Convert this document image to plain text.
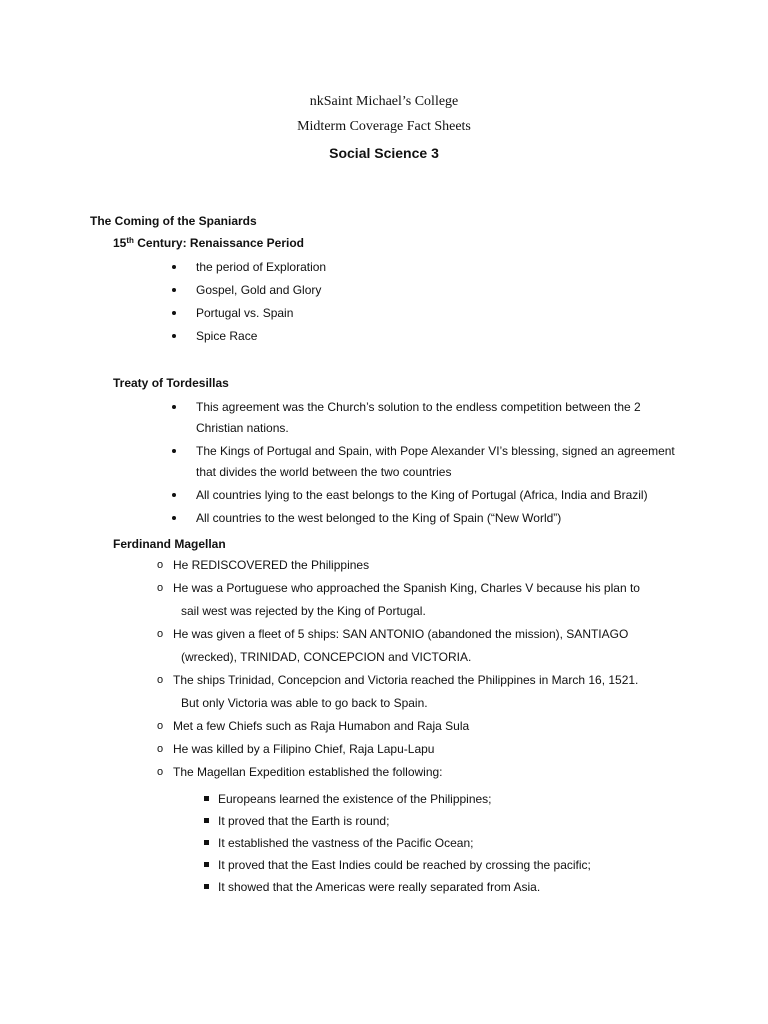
nkSaint Michael’s College
Midterm Coverage Fact Sheets
Social Science 3
The Coming of the Spaniards
15th Century: Renaissance Period
the period of Exploration
Gospel, Gold and Glory
Portugal vs. Spain
Spice Race
Treaty of Tordesillas
This agreement was the Church’s solution to the endless competition between the 2 Christian nations.
The Kings of Portugal and Spain, with Pope Alexander VI’s blessing, signed an agreement that divides the world between the two countries
All countries lying to the east belongs to the King of Portugal (Africa, India and Brazil)
All countries to the west belonged to the King of Spain (“New World”)
Ferdinand Magellan
o He REDISCOVERED the Philippines
o He was a Portuguese who approached the Spanish King, Charles V because his plan to
sail west was rejected by the King of Portugal.
o He was given a fleet of 5 ships: SAN ANTONIO (abandoned the mission), SANTIAGO
(wrecked), TRINIDAD, CONCEPCION and VICTORIA.
o The ships Trinidad, Concepcion and Victoria reached the Philippines in March 16, 1521.
But only Victoria was able to go back to Spain.
o Met a few Chiefs such as Raja Humabon and Raja Sula
o He was killed by a Filipino Chief, Raja Lapu-Lapu
o The Magellan Expedition established the following:
Europeans learned the existence of the Philippines;
It proved that the Earth is round;
It established the vastness of the Pacific Ocean;
It proved that the East Indies could be reached by crossing the pacific;
It showed that the Americas were really separated from Asia.
